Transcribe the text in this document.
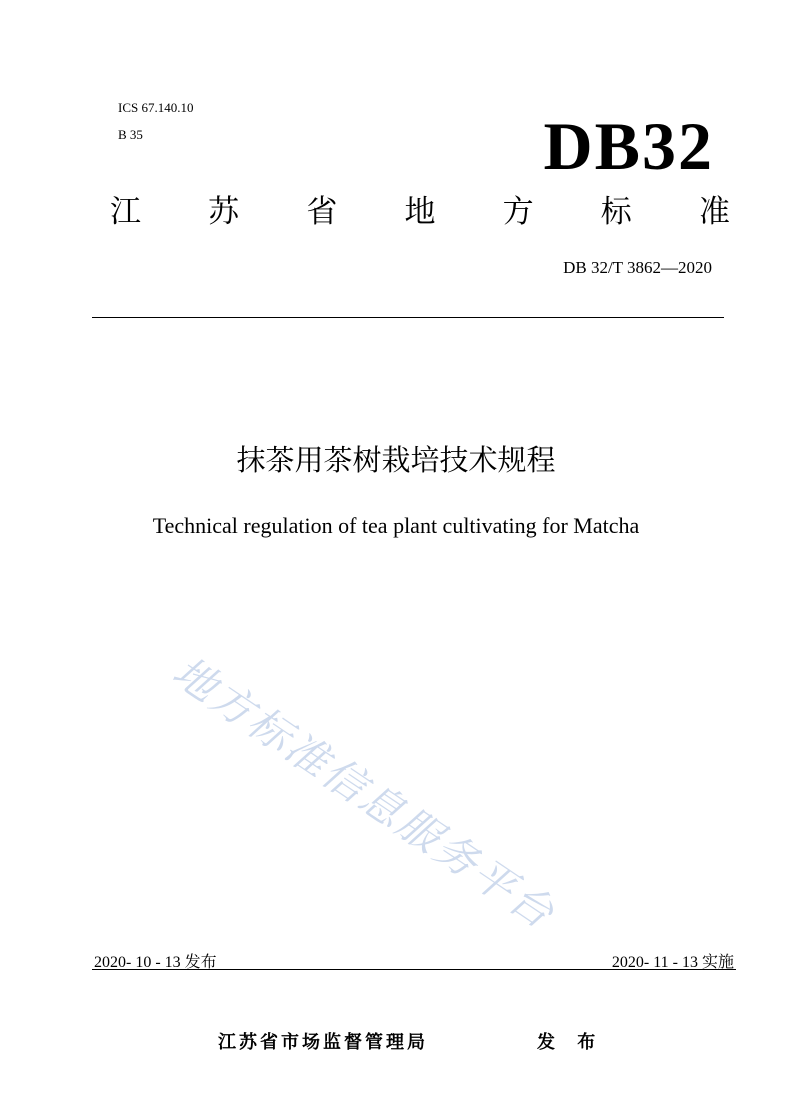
ICS 67.140.10
B 35	DB32
江 苏 省 地 方 标 准
DB 32/T 3862—2020
抹茶用茶树栽培技术规程
Technical regulation of tea plant cultivating for Matcha
地方标准信息服务平台
2020- 10 - 13 发布	2020- 11 - 13 实施
江苏省市场监督管理局	发 布
